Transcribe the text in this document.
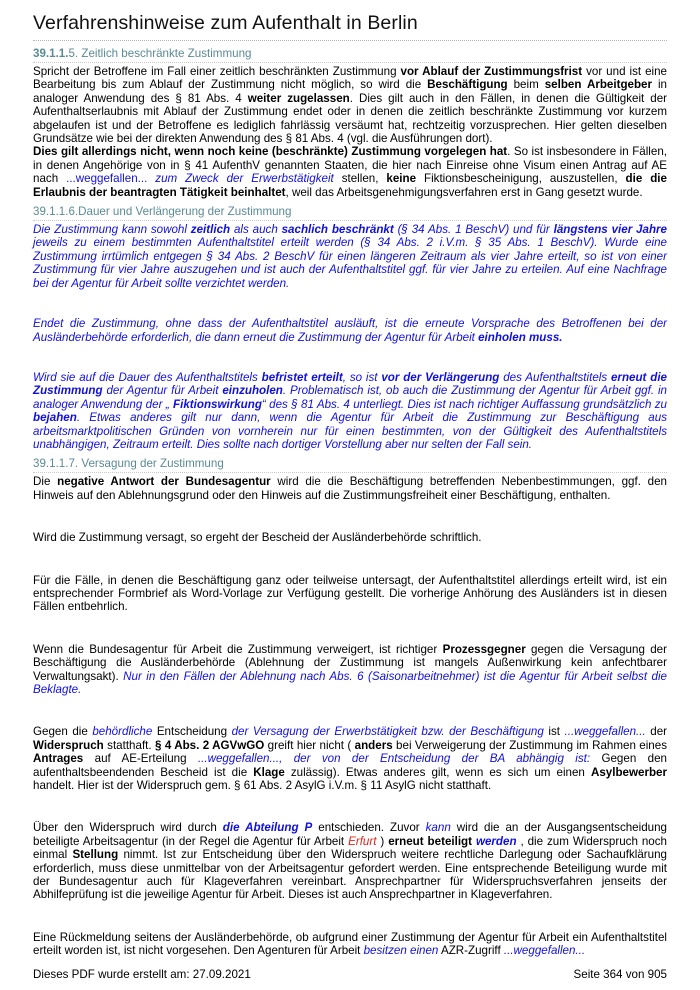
Verfahrenshinweise zum Aufenthalt in Berlin
39.1.1.5. Zeitlich beschränkte Zustimmung

Spricht der Betroffene im Fall einer zeitlich beschränkten Zustimmung vor Ablauf der Zustimmungsfrist vor und ist eine Bearbeitung bis zum Ablauf der Zustimmung nicht möglich, so wird die Beschäftigung beim selben Arbeitgeber in analoger Anwendung des § 81 Abs. 4 weiter zugelassen. Dies gilt auch in den Fällen, in denen die Gültigkeit der Aufenthaltserlaubnis mit Ablauf der Zustimmung endet oder in denen die zeitlich beschränkte Zustimmung vor kurzem abgelaufen ist und der Betroffene es lediglich fahrlässig versäumt hat, rechtzeitig vorzusprechen. Hier gelten dieselben Grundsätze wie bei der direkten Anwendung des § 81 Abs. 4 (vgl. die Ausführungen dort).

Dies gilt allerdings nicht, wenn noch keine (beschränkte) Zustimmung vorgelegen hat. So ist insbesondere in Fällen, in denen Angehörige von in § 41 AufenthV genannten Staaten, die hier nach Einreise ohne Visum einen Antrag auf AE nach ...weggefallen... zum Zweck der Erwerbstätigkeit stellen, keine Fiktionsbescheinigung, auszustellen, die die Erlaubnis der beantragten Tätigkeit beinhaltet, weil das Arbeitsgenehmigungsverfahren erst in Gang gesetzt wurde.

39.1.1.6.Dauer und Verlängerung der Zustimmung

Die Zustimmung kann sowohl zeitlich als auch sachlich beschränkt (§ 34 Abs. 1 BeschV) und für längstens vier Jahre jeweils zu einem bestimmten Aufenthaltstitel erteilt werden (§ 34 Abs. 2 i.V.m. § 35 Abs. 1 BeschV). Wurde eine Zustimmung irrtümlich entgegen § 34 Abs. 2 BeschV für einen längeren Zeitraum als vier Jahre erteilt, so ist von einer Zustimmung für vier Jahre auszugehen und ist auch der Aufenthaltstitel ggf. für vier Jahre zu erteilen. Auf eine Nachfrage bei der Agentur für Arbeit sollte verzichtet werden.

Endet die Zustimmung, ohne dass der Aufenthaltstitel ausläuft, ist die erneute Vorsprache des Betroffenen bei der Ausländerbehörde erforderlich, die dann erneut die Zustimmung der Agentur für Arbeit einholen muss.

Wird sie auf die Dauer des Aufenthaltstitels befristet erteilt, so ist vor der Verlängerung des Aufenthaltstitels erneut die Zustimmung der Agentur für Arbeit einzuholen. Problematisch ist, ob auch die Zustimmung der Agentur für Arbeit ggf. in analoger Anwendung der „ Fiktionswirkung“ des § 81 Abs. 4 unterliegt. Dies ist nach richtiger Auffassung grundsätzlich zu bejahen. Etwas anderes gilt nur dann, wenn die Agentur für Arbeit die Zustimmung zur Beschäftigung aus arbeitsmarktpolitischen Gründen von vornherein nur für einen bestimmten, von der Gültigkeit des Aufenthaltstitels unabhängigen, Zeitraum erteilt. Dies sollte nach dortiger Vorstellung aber nur selten der Fall sein.

39.1.1.7. Versagung der Zustimmung

Die negative Antwort der Bundesagentur wird die die Beschäftigung betreffenden Nebenbestimmungen, ggf. den Hinweis auf den Ablehnungsgrund oder den Hinweis auf die Zustimmungsfreiheit einer Beschäftigung, enthalten.

Wird die Zustimmung versagt, so ergeht der Bescheid der Ausländerbehörde schriftlich.

Für die Fälle, in denen die Beschäftigung ganz oder teilweise untersagt, der Aufenthaltstitel allerdings erteilt wird, ist ein entsprechender Formbrief als Word-Vorlage zur Verfügung gestellt. Die vorherige Anhörung des Ausländers ist in diesen Fällen entbehrlich.

Wenn die Bundesagentur für Arbeit die Zustimmung verweigert, ist richtiger Prozessgegner gegen die Versagung der Beschäftigung die Ausländerbehörde (Ablehnung der Zustimmung ist mangels Außenwirkung kein anfechtbarer Verwaltungsakt). Nur in den Fällen der Ablehnung nach Abs. 6 (Saisonarbeitnehmer) ist die Agentur für Arbeit selbst die Beklagte.

Gegen die behördliche Entscheidung der Versagung der Erwerbstätigkeit bzw. der Beschäftigung ist ...weggefallen... der Widerspruch statthaft. § 4 Abs. 2 AGVwGO greift hier nicht ( anders bei Verweigerung der Zustimmung im Rahmen eines Antrages auf AE-Erteilung ...weggefallen..., der von der Entscheidung der BA abhängig ist: Gegen den aufenthaltsbeendenden Bescheid ist die Klage zulässig). Etwas anderes gilt, wenn es sich um einen Asylbewerber handelt. Hier ist der Widerspruch gem. § 61 Abs. 2 AsylG i.V.m. § 11 AsylG nicht statthaft.

Über den Widerspruch wird durch die Abteilung P entschieden. Zuvor kann wird die an der Ausgangsentscheidung beteiligte Arbeitsagentur (in der Regel die Agentur für Arbeit Erfurt ) erneut beteiligt werden , die zum Widerspruch noch einmal Stellung nimmt. Ist zur Entscheidung über den Widerspruch weitere rechtliche Darlegung oder Sachaufklärung erforderlich, muss diese unmittelbar von der Arbeitsagentur gefordert werden. Eine entsprechende Beteiligung wurde mit der Bundesagentur auch für Klageverfahren vereinbart. Ansprechpartner für Widerspruchsverfahren jenseits der Abhilfeprüfung ist die jeweilige Agentur für Arbeit. Dieses ist auch Ansprechpartner in Klageverfahren.

Eine Rückmeldung seitens der Ausländerbehörde, ob aufgrund einer Zustimmung der Agentur für Arbeit ein Aufenthaltstitel erteilt worden ist, ist nicht vorgesehen. Den Agenturen für Arbeit besitzen einen AZR-Zugriff ...weggefallen...

Dieses PDF wurde erstellt am: 27.09.2021	Seite 364 von 905
